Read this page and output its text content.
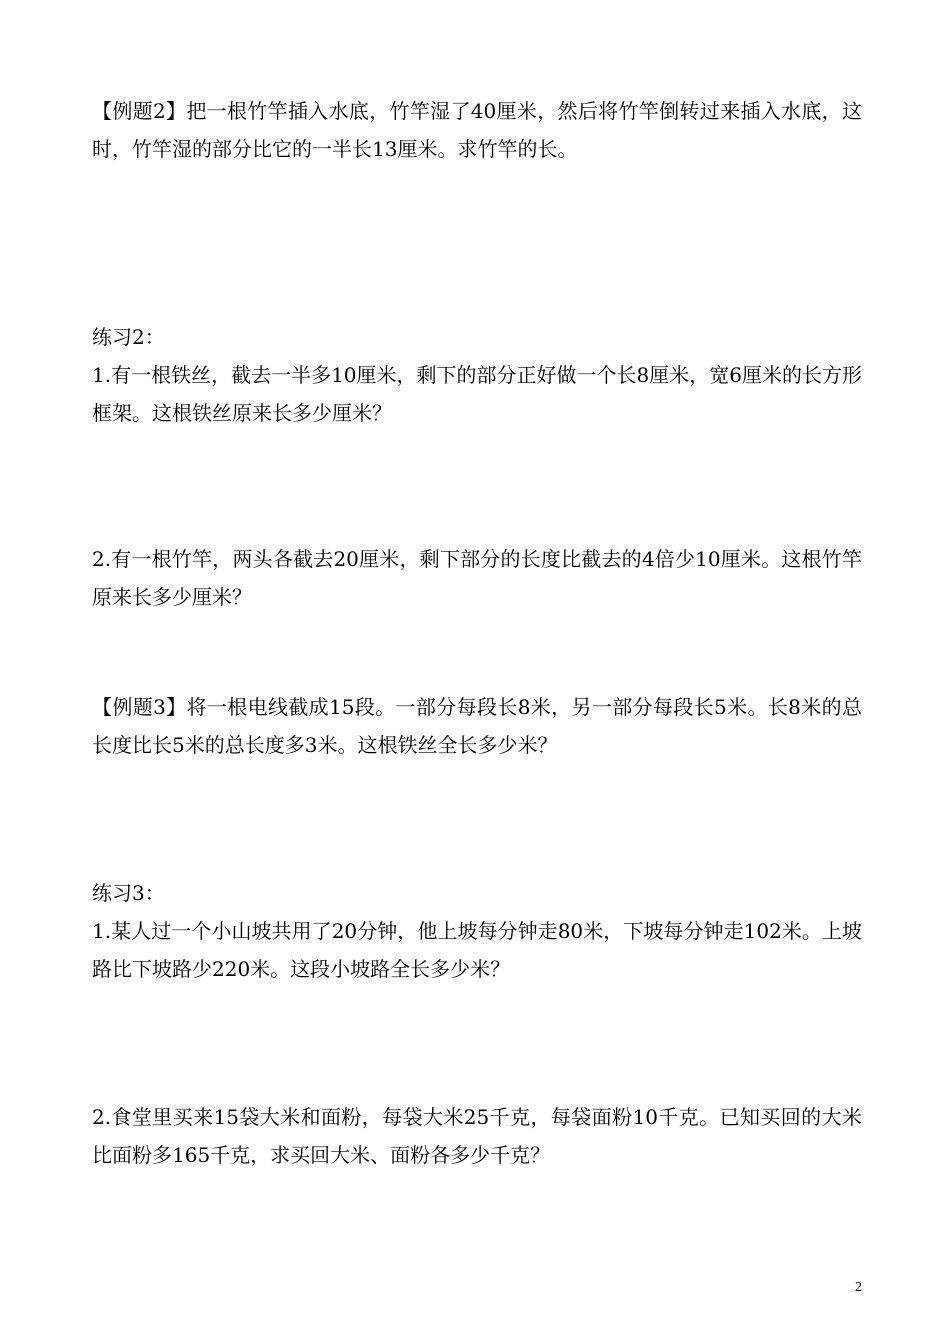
【例题2】把一根竹竿插入水底，竹竿湿了40厘米，然后将竹竿倒转过来插入水底，这时，竹竿湿的部分比它的一半长13厘米。求竹竿的长。

练习2：

1.有一根铁丝，截去一半多10厘米，剩下的部分正好做一个长8厘米，宽6厘米的长方形框架。这根铁丝原来长多少厘米？

2.有一根竹竿，两头各截去20厘米，剩下部分的长度比截去的4倍少10厘米。这根竹竿原来长多少厘米？

【例题3】将一根电线截成15段。一部分每段长8米，另一部分每段长5米。长8米的总长度比长5米的总长度多3米。这根铁丝全长多少米？

练习3：

1.某人过一个小山坡共用了20分钟，他上坡每分钟走80米，下坡每分钟走102米。上坡路比下坡路少220米。这段小坡路全长多少米？

2.食堂里买来15袋大米和面粉，每袋大米25千克，每袋面粉10千克。已知买回的大米比面粉多165千克，求买回大米、面粉各多少千克？

2
